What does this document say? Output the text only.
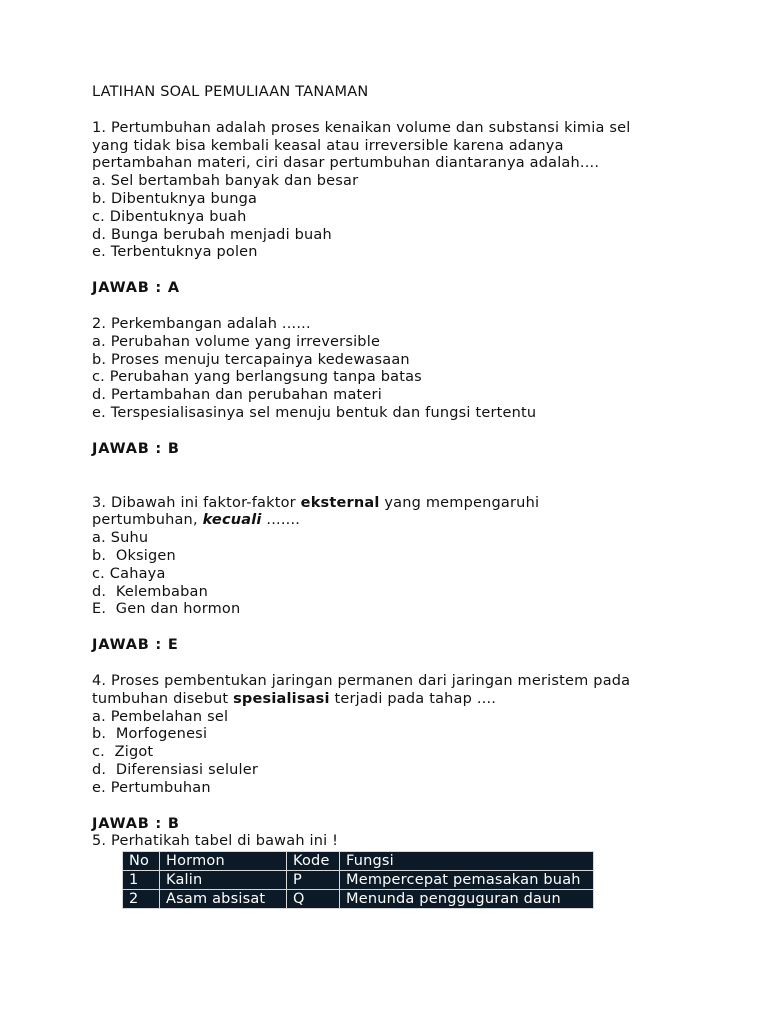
LATIHAN SOAL PEMULIAAN TANAMAN
1. Pertumbuhan adalah proses kenaikan volume dan substansi kimia sel
yang tidak bisa kembali keasal atau irreversible karena adanya
pertambahan materi, ciri dasar pertumbuhan diantaranya adalah....
a. Sel bertambah banyak dan besar
b. Dibentuknya bunga
c. Dibentuknya buah
d. Bunga berubah menjadi buah
e. Terbentuknya polen
JAWAB : A
2. Perkembangan adalah ......
a. Perubahan volume yang irreversible
b. Proses menuju tercapainya kedewasaan
c. Perubahan yang berlangsung tanpa batas
d. Pertambahan dan perubahan materi
e. Terspesialisasinya sel menuju bentuk dan fungsi tertentu
JAWAB : B
3. Dibawah ini faktor-faktor eksternal yang mempengaruhi
pertumbuhan, kecuali .......
a. Suhu
b.  Oksigen
c. Cahaya
d.  Kelembaban
E.  Gen dan hormon
JAWAB : E
4. Proses pembentukan jaringan permanen dari jaringan meristem pada
tumbuhan disebut spesialisasi terjadi pada tahap ....
a. Pembelahan sel
b.  Morfogenesi
c.  Zigot
d.  Diferensiasi seluler
e. Pertumbuhan
JAWAB : B
5. Perhatikah tabel di bawah ini !
No	Hormon	Kode	Fungsi
1	Kalin	P	Mempercepat pemasakan buah
2	Asam absisat	Q	Menunda pengguguran daun
